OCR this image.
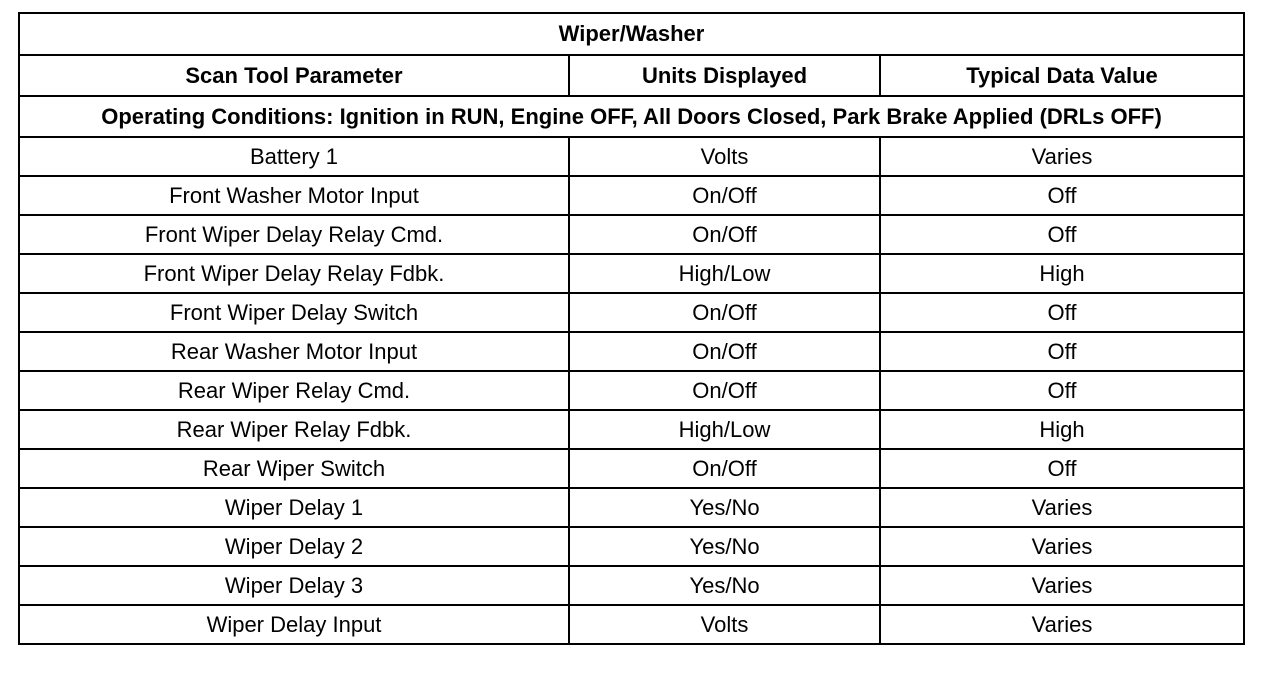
Wiper/Washer		
Scan Tool Parameter	Units Displayed	Typical Data Value
Operating Conditions: Ignition in RUN, Engine OFF, All Doors Closed, Park Brake Applied (DRLs OFF)		
Battery 1	Volts	Varies
Front Washer Motor Input	On/Off	Off
Front Wiper Delay Relay Cmd.	On/Off	Off
Front Wiper Delay Relay Fdbk.	High/Low	High
Front Wiper Delay Switch	On/Off	Off
Rear Washer Motor Input	On/Off	Off
Rear Wiper Relay Cmd.	On/Off	Off
Rear Wiper Relay Fdbk.	High/Low	High
Rear Wiper Switch	On/Off	Off
Wiper Delay 1	Yes/No	Varies
Wiper Delay 2	Yes/No	Varies
Wiper Delay 3	Yes/No	Varies
Wiper Delay Input	Volts	Varies
